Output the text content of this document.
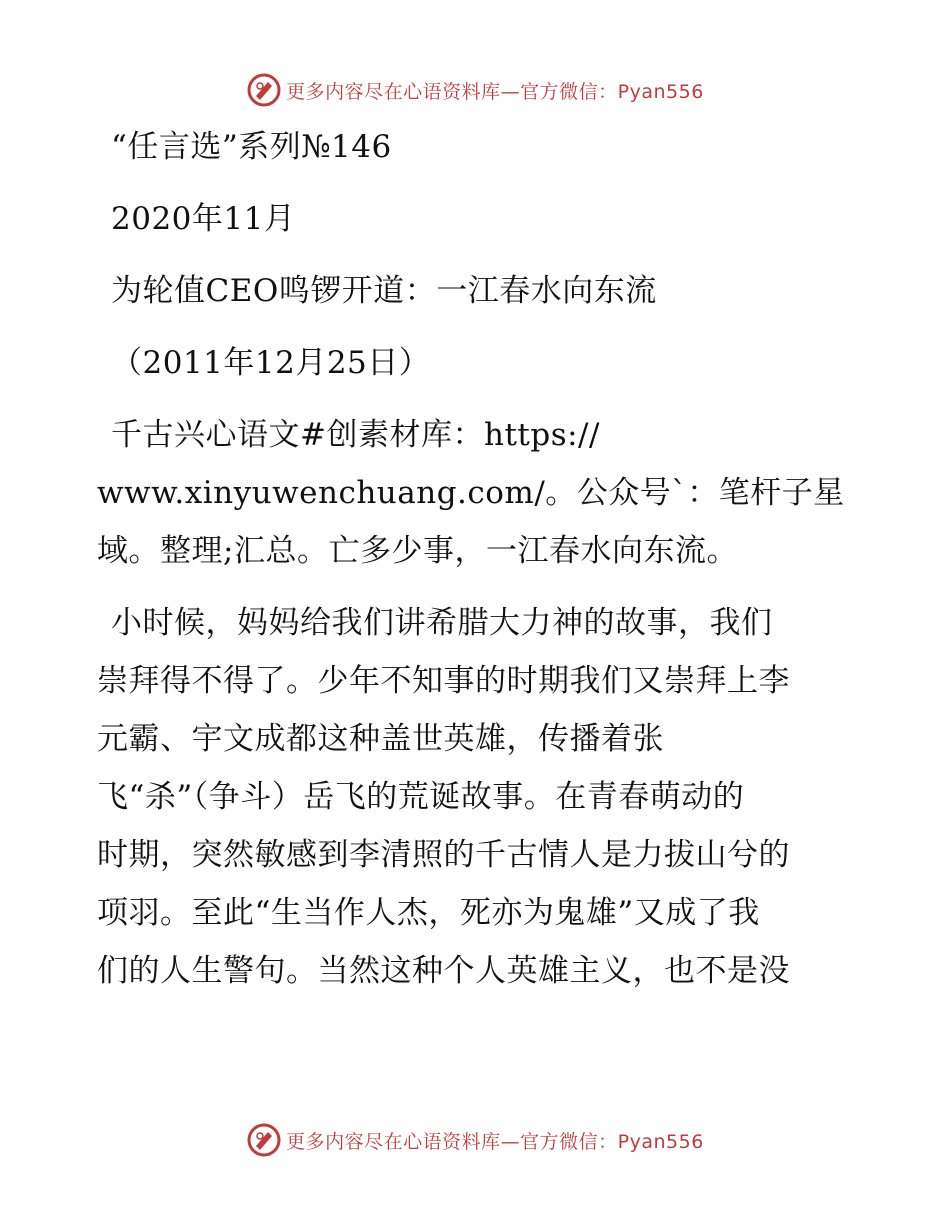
更多内容尽在心语资料库—官方微信：Pyan556
“任言选”系列№146
2020年11月
为轮值CEO鸣锣开道：一江春水向东流
（2011年12月25日）
千古兴心语文#创素材库：https://
www.xinyuwenchuang.com/。公众号`：笔杆子星
域。整理;汇总。亡多少事，一江春水向东流。
小时候，妈妈给我们讲希腊大力神的故事，我们
崇拜得不得了。少年不知事的时期我们又崇拜上李
元霸、宇文成都这种盖世英雄，传播着张
飞“杀”（争斗）岳飞的荒诞故事。在青春萌动的
时期，突然敏感到李清照的千古情人是力拔山兮的
项羽。至此“生当作人杰，死亦为鬼雄”又成了我
们的人生警句。当然这种个人英雄主义，也不是没
更多内容尽在心语资料库—官方微信：Pyan556
